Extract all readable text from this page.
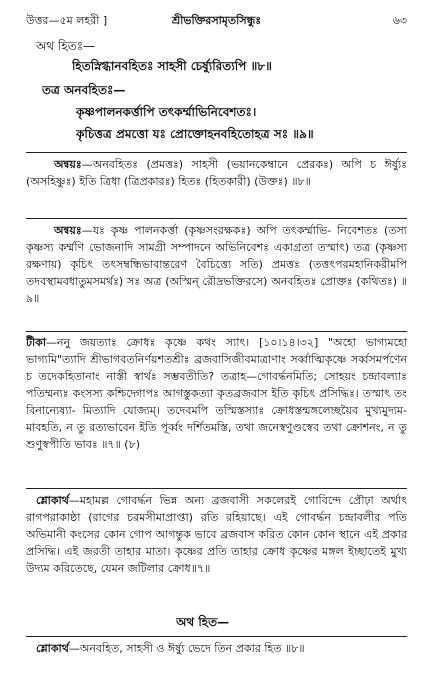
উত্তর—৫ম লহরী ]	শ্রীভক্তিরসামৃতসিন্ধুঃ	৬৩
অথ হিতঃ—
হিতস্নিগ্ধানবহিতঃ সাহসী চের্ষ্যুরিত্যপি ॥৮॥
তত্র অনবহিতঃ—
কৃষ্ণপালনকর্ত্তাপি তৎকর্ম্মাভিনিবেশতঃ।
কৃচিত্তত্র প্রমত্তো যঃ প্রোক্তোহনবহিতোহত্র সঃ ॥৯॥
অন্বয়ঃ—অনবহিতঃ (প্রমত্তঃ) সাহসী (ভয়ানকেম্বানে প্রেরকঃ) অপি চ ঈর্ষ্যুঃ (অসহিষ্ণুঃ) ইতি ত্রিধা (ত্রিপ্রকারঃ) হিতঃ (হিতকারী) (উক্তঃ) ॥৮॥
অন্বয়ঃ—যঃ কৃষ্ণ পালনকর্ত্তা (কৃষ্ণসংরক্ষকঃ) অপি তৎকর্ম্মাভি- নিবেশতঃ (তস্য কৃষ্ণস্য কর্ম্মণি ভোজনাদি সামগ্রী সম্পাদনে অভিনিবেশঃ একাগ্রতা তস্মাৎ) তত্র (কৃষ্ণস্য রক্ষণায়) কৃচিৎ তৎসম্বন্ধিভাবান্তরেণ বৈচিত্ত্যে সতি) প্রমত্তঃ (তত্তৎপরমহানিকরীমপি তদবস্থামবধাতুমসমর্থঃ) সঃ অত্র (অস্মিন্ রৌদ্রভক্তিরসে) অনবহিতঃ প্রোক্তঃ (কথিতঃ) ॥৯॥
টীকা—ননু জয়ত্যাঃ ক্রোধঃ কৃষ্ণে কথং স্যাৎ। [১০।১৪।৩২] "অহো ভাগ্যমহো ভাগ্যমি"ত্যাদি শ্রীভাগবতনির্ণয়শতশ্রীঃ ব্রজবাসিজীবমাত্রাণাং সর্ব্বাত্মিকৃষ্ণে সর্ব্বসমর্পণেন চ তদেকহিতানাং নাস্তী স্বার্থঃ সম্ভবতীতি? তত্রাহ—গোবর্দ্ধনমিতি; সোহয়ং চন্দ্রাবল্যাঃ পতিম্মন্যঃ কংসস্য কশ্চিদ্গোপঃ আগস্তুকত্যা কৃতব্রজবাস ইতি কৃচিৎ প্রসিদ্ধিঃ। তস্মাৎ তং বিনান্যেষ্যা- মিত্যাদি যোজ্যম্। তদেবমপি তস্মিস্তস্যাঃ ক্রোধস্তন্মঙ্গলেচ্ছয়ৈব মুখ্যমুদ্যম- মাবহতি, ন তু রত্যভাবেন ইতি পূর্ব্বং দর্শিতমস্তি, তথা জনেস্বণুণ্ডস্বেব তথা ক্রোশনং, ন তু শুণুস্বপীতি ভাবঃ ॥৭॥ (৮)
শ্লোকার্থ—মহামল্ল গোবর্দ্ধন ভিন্ন অন্য ব্রজবাসী সকলেরই গোবিন্দে প্রৌঢ়া অর্থাৎ রাগপরাকাষ্ঠা (রাগের চরমসীমাপ্রাপ্তা) রতি রহিয়াছে। এই গোবর্দ্ধন চন্দ্রাবলীর পতি অভিমানী কংসের কোন গোপ আগন্তুক ভাবে ব্রজবাস করিত কোন কোন স্থানে এই প্রকার প্রসিদ্ধি। এই জরতী তাহার মাতা। কৃষ্ণের প্রতি তাহার ক্রোধ কৃষ্ণের মঙ্গল ইচ্ছাতেই মুখ্য উদ্যম করিতেছে, যেমন জটিলার ক্রোধ॥৭॥
অথ হিত—
শ্লোকার্থ—অনবহিত, সাহসী ও ঈর্ষ্যু ভেদে তিন প্রকার হিত ॥৮॥
